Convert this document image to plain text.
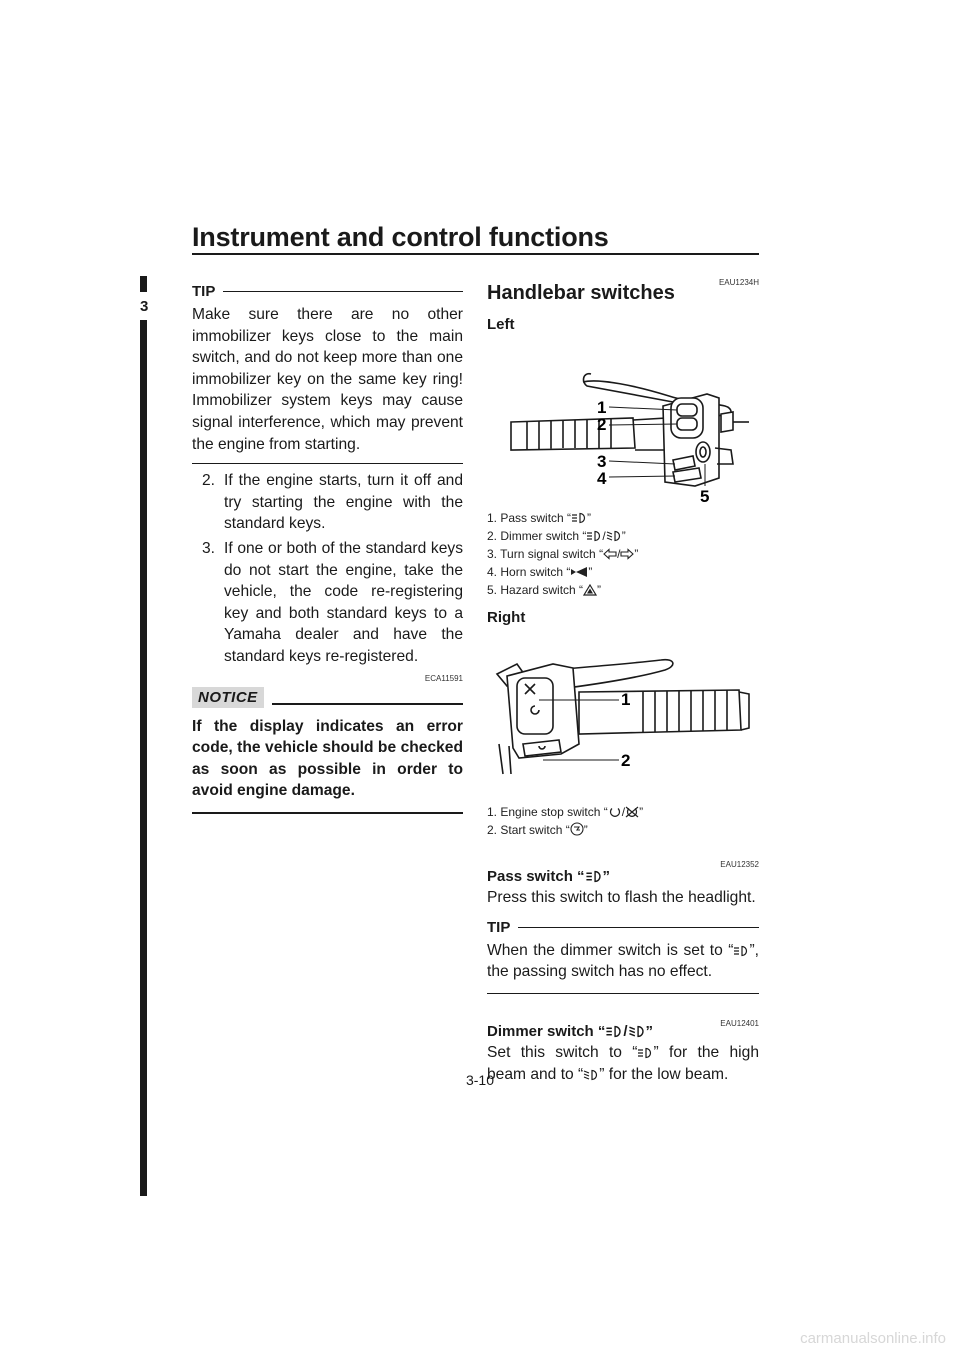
Instrument and control functions
3
TIP
Make sure there are no other immobilizer keys close to the main switch, and do not keep more than one immobilizer key on the same key ring! Immobilizer system keys may cause signal interference, which may prevent the engine from starting.
2. If the engine starts, turn it off and try starting the engine with the standard keys.
3. If one or both of the standard keys do not start the engine, take the vehicle, the code re-registering key and both standard keys to a Yamaha dealer and have the standard keys re-registered.
ECA11591
NOTICE
If the display indicates an error code, the vehicle should be checked as soon as possible in order to avoid engine damage.
EAU1234H
Handlebar switches
Left
1
2
3
4
5
1. Pass switch “ ”
2. Dimmer switch “ / ”
3. Turn signal switch “ / ”
4. Horn switch “ ”
5. Hazard switch “ ”
Right
1
2
1. Engine stop switch “ / ”
2. Start switch “ ”
EAU12352
Pass switch “ ”
Press this switch to flash the headlight.
TIP
When the dimmer switch is set to “ ”, the passing switch has no effect.
EAU12401
Dimmer switch “ / ”
Set this switch to “ ” for the high beam and to “ ” for the low beam.
3-10
carmanualsonline.info
